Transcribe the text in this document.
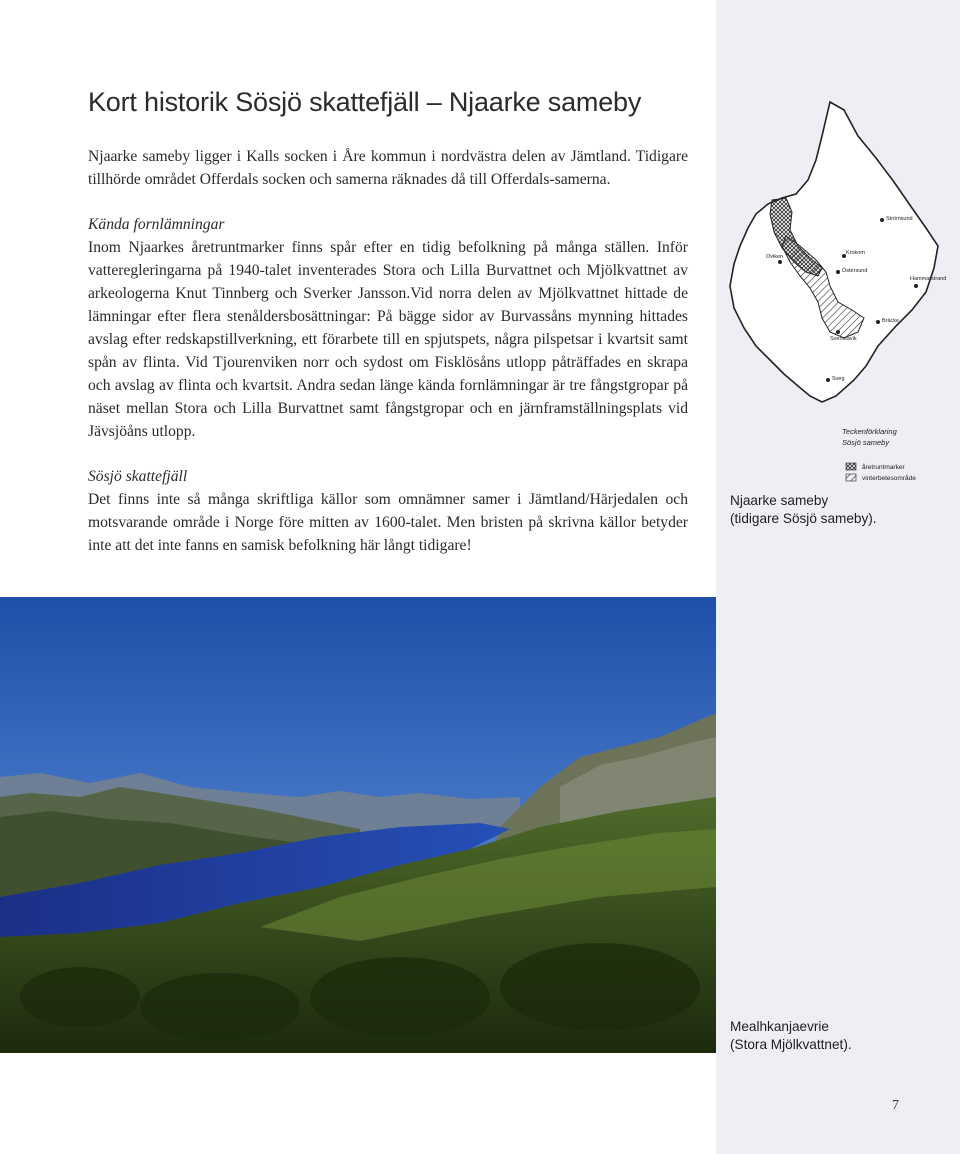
Kort historik Sösjö skattefjäll – Njaarke sameby

Njaarke sameby ligger i Kalls socken i Åre kommun i nordvästra delen av Jämtland. Tidigare tillhörde området Offerdals socken och samerna räknades då till Offerdals-samerna.

Kända fornlämningar

Inom Njaarkes åretruntmarker finns spår efter en tidig befolkning på många ställen. Inför vatteregleringarna på 1940-talet inventerades Stora och Lilla Burvattnet och Mjölkvattnet av arkeologerna Knut Tinnberg och Sverker Jansson.Vid norra delen av Mjölkvattnet hittade de lämningar efter flera stenåldersbosättningar: På bägge sidor av Burvassåns mynning hittades avslag efter redskapstillverkning, ett förarbete till en spjutspets, några pilspetsar i kvartsit samt spån av flinta. Vid Tjourenviken norr och sydost om Fisklösåns utlopp påträffades en skrapa och avslag av flinta och kvartsit. Andra sedan länge kända fornlämningar är tre fångstgropar på näset mellan Stora och Lilla Burvattnet samt fångstgropar och en järnframställningsplats vid Jävsjöåns utlopp.

Sösjö skattefjäll

Det finns inte så många skriftliga källor som omnämner samer i Jämtland/Härjedalen och motsvarande område i Norge före mitten av 1600-talet. Men bristen på skrivna källor betyder inte att det inte fanns en samisk befolkning här långt tidigare!

Strömsund
Krokom
Östersund
Hammarstrand
Bräcke
Sveg
Oviken
Svenstavik
Teckenförklaring
Sösjö sameby
åretruntmarker
vinterbetesområde
Njaarke sameby
(tidigare Sösjö sameby).
Mealhkanjaevrie
(Stora Mjölkvattnet).
7
